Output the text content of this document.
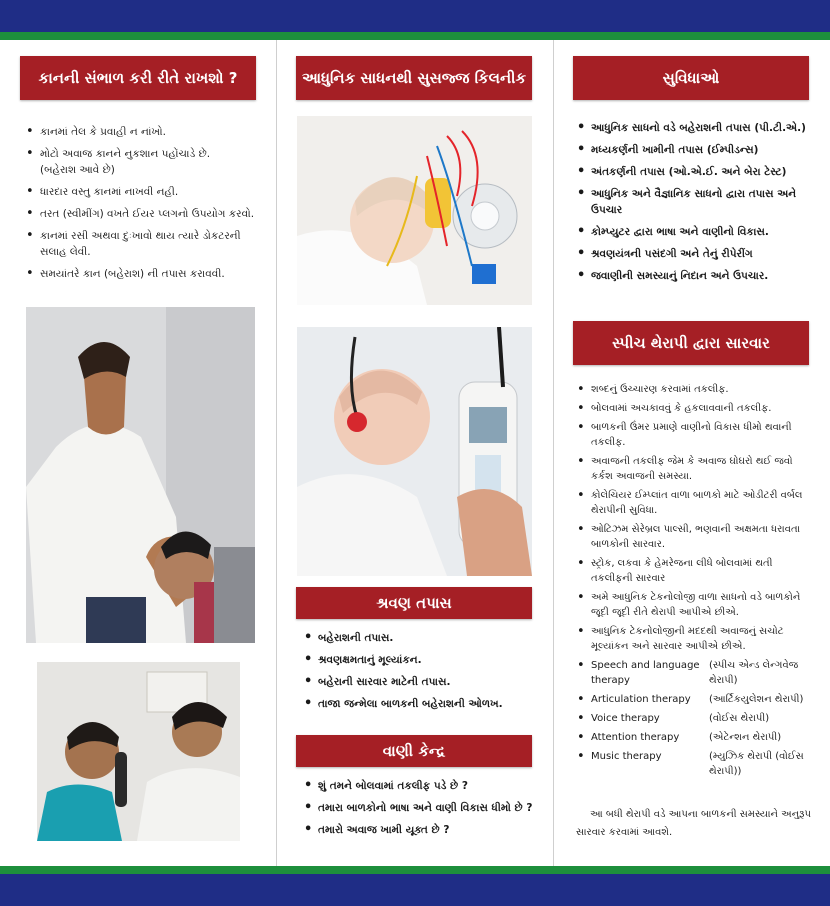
કાનની સંભાળ કરી રીતે રાખશો ?
• કાનમાં તેલ કે પ્રવાહી ન નાંખો.
• મોટો અવાજ કાનને નુકશાન પહોંચાડે છે.
(બહેરાશ આવે છે)
• ધારદાર વસ્તુ કાનમાં નાખવી નહી.
• તરત (સ્વીમીંગ) વખતે ઈયર પ્લગનો ઉપયોગ કરવો.
• કાનમાં રસી અથવા દુઃખાવો થાય ત્યારે ડોકટરની સલાહ લેવી.
• સમયાંતરે કાન (બહેરાશ) ની તપાસ કરાવવી.
આધુનિક સાધનથી સુસજ્જ કિલનીક
શ્રવણ તપાસ
• બહેરાશની તપાસ.
• શ્રવણક્ષમતાનું મૂલ્યાંકન.
• બહેરાની સારવાર માટેની તપાસ.
• તાજા જન્મેલા બાળકની બહેરાશની ઓળખ.
વાણી કેન્દ્ર
• શું તમને બોલવામાં તકલીફ પડે છે ?
• તમારા બાળકોનો ભાષા અને વાણી વિકાસ ધીમો છે ?
• તમારો અવાજ ખામી યૂક્ત છે ?
સુવિધાઓ
• આધુનિક સાધનો વડે બહેરાશની તપાસ (પી.ટી.એ.)
• મધ્યકર્ણની ખામીની તપાસ (ઈમ્પીડન્સ)
• અંતકર્ણની તપાસ (ઓ.એ.ઈ. અને બેરા ટેસ્ટ)
• આધુનિક અને વૈજ્ઞાનિક સાધનો દ્વારા તપાસ અને ઉપચાર
• કોમ્પ્યુટર દ્વારા ભાષા અને વાણીનો વિકાસ.
• શ્રવણયંત્રની પસંદગી અને તેનું રીપેરીંગ
• જવાણીની સમસ્યાનું નિદાન અને ઉપચાર.
સ્પીચ થેરાપી દ્વારા સારવાર
• શબ્દનું ઉચ્ચારણ કરવામાં તકલીફ.
• બોલવામાં અચકાવવું કે હકલાવવાની તકલીફ.
• બાળકની ઉંમર પ્રમાણે વાણીનો વિકાસ ધીમો થવાની તકલીફ.
• અવાજની તકલીફ જેમ કે અવાજ ઘોઘરો થઈ જવો કર્કશ અવાજની સમસ્યા.
• કોલેચિયર ઈમ્પ્લાંત વાળા બાળકો માટે ઓડીટરી વર્બલ થેરાપીની સુવિધા.
• ઓટિઝમ સેરેબ્રલ પાલ્સી, ભણવાની અક્ષમતા ધરાવતા બાળકોની સારવાર.
• સ્ટ્રોક, લકવા કે હેમરેજના લીધે બોલવામાં થતી તકલીફની સારવાર
• અમે આધુનિક ટેકનોલોજી વાળા સાધનો વડે બાળકોને જૂદી જૂદી રીતે થેરાપી આપીએ છીએ.
• આધુનિક ટેકનોલોજીની મદદથી અવાજનું સચોટ મૂલ્યાંકન અને સારવાર આપીએ છીએ.
• Speech and language therapy
(સ્પીચ એન્ડ લેન્ગવેજ થેરાપી)
• Articulation therapy	(આર્ટિકયુલેશન થેરાપી)
• Voice therapy	(વોઈસ થેરાપી)
• Attention therapy	(એટેન્શન થેરાપી)
• Music therapy	(મ્યુઝિક થેરાપી (વોઈસ થેરાપી))
આ બધી થેરાપી વડે આપના બાળકની સમસ્યાને અનુરૂપ સારવાર કરવામાં આવશે.
